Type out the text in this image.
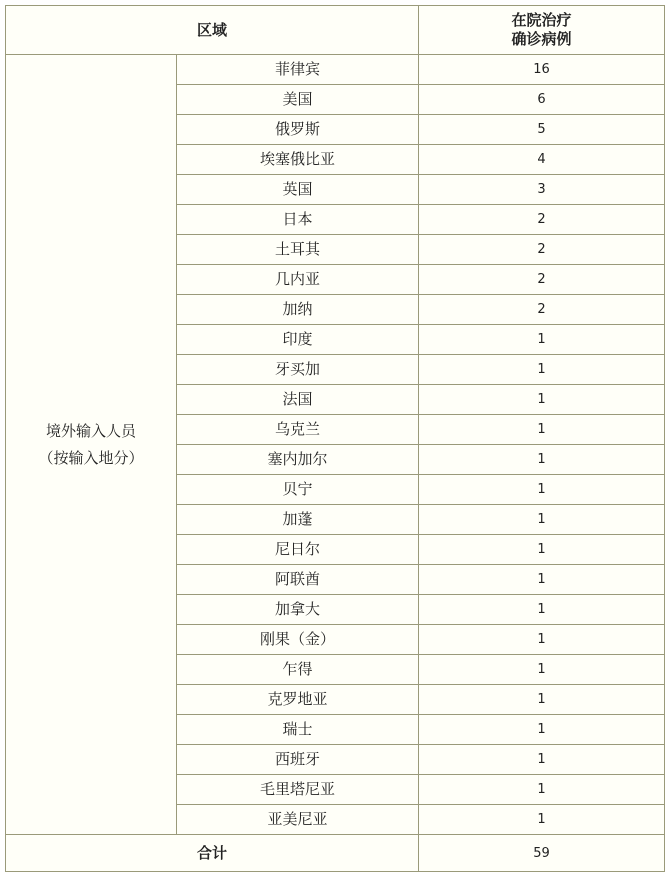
区域		在院治疗
确诊病例
境外输入人员
（按输入地分）	菲律宾	16
	美国	6
	俄罗斯	5
	埃塞俄比亚	4
	英国	3
	日本	2
	土耳其	2
	几内亚	2
	加纳	2
	印度	1
	牙买加	1
	法国	1
	乌克兰	1
	塞内加尔	1
	贝宁	1
	加蓬	1
	尼日尔	1
	阿联酋	1
	加拿大	1
	刚果（金）	1
	乍得	1
	克罗地亚	1
	瑞士	1
	西班牙	1
	毛里塔尼亚	1
	亚美尼亚	1
合计		59
